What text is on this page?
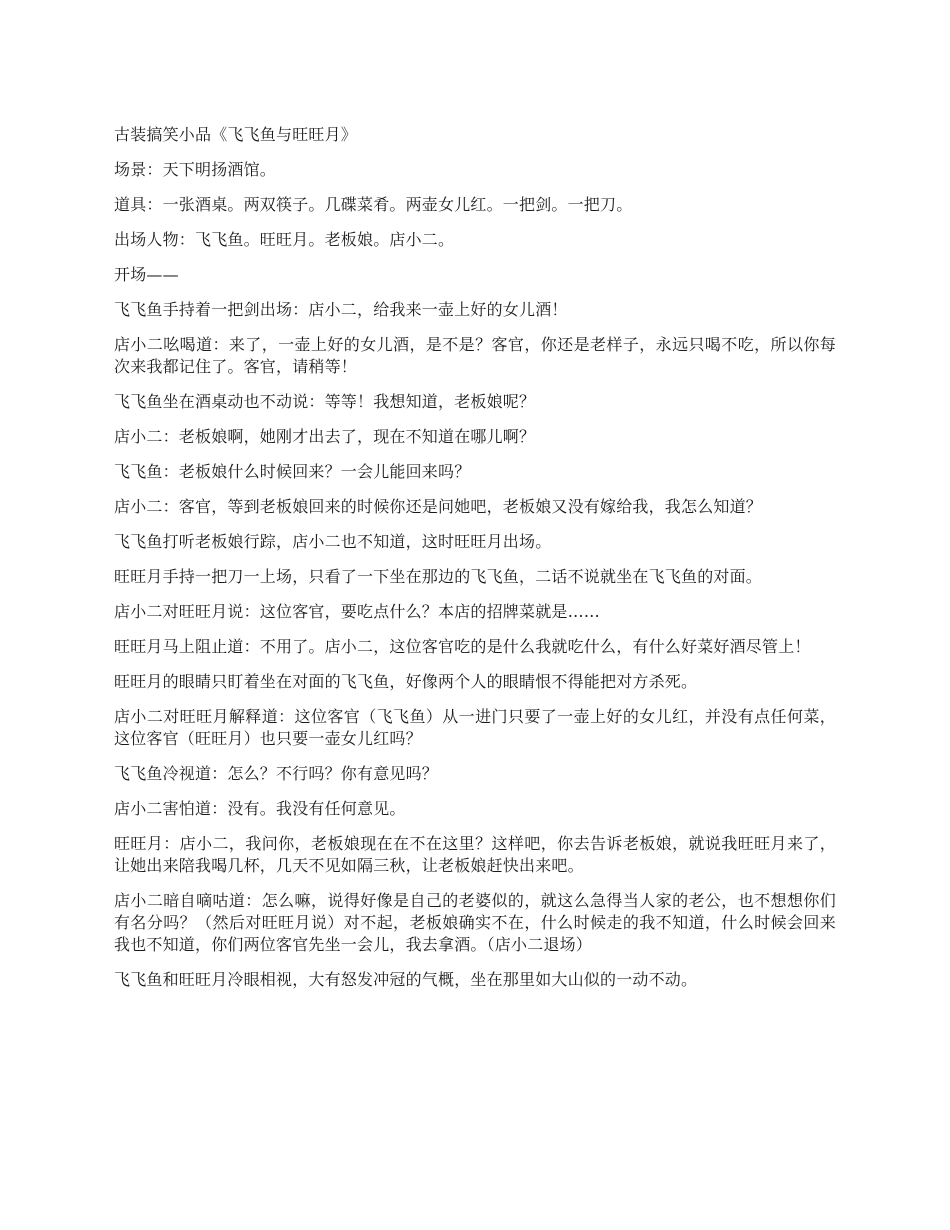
古装搞笑小品《飞飞鱼与旺旺月》

场景：天下明扬酒馆。

道具：一张酒桌。两双筷子。几碟菜肴。两壶女儿红。一把剑。一把刀。

出场人物：飞飞鱼。旺旺月。老板娘。店小二。

开场——

飞飞鱼手持着一把剑出场：店小二，给我来一壶上好的女儿酒！

店小二吆喝道：来了，一壶上好的女儿酒，是不是？客官，你还是老样子，永远只喝不吃，所以你每次来我都记住了。客官，请稍等！

飞飞鱼坐在酒桌动也不动说：等等！我想知道，老板娘呢？

店小二：老板娘啊，她刚才出去了，现在不知道在哪儿啊？

飞飞鱼：老板娘什么时候回来？一会儿能回来吗？

店小二：客官，等到老板娘回来的时候你还是问她吧，老板娘又没有嫁给我，我怎么知道？

飞飞鱼打听老板娘行踪，店小二也不知道，这时旺旺月出场。

旺旺月手持一把刀一上场，只看了一下坐在那边的飞飞鱼，二话不说就坐在飞飞鱼的对面。

店小二对旺旺月说：这位客官，要吃点什么？本店的招牌菜就是……

旺旺月马上阻止道：不用了。店小二，这位客官吃的是什么我就吃什么，有什么好菜好酒尽管上！

旺旺月的眼睛只盯着坐在对面的飞飞鱼，好像两个人的眼睛恨不得能把对方杀死。

店小二对旺旺月解释道：这位客官（飞飞鱼）从一进门只要了一壶上好的女儿红，并没有点任何菜，这位客官（旺旺月）也只要一壶女儿红吗？

飞飞鱼冷视道：怎么？不行吗？你有意见吗？

店小二害怕道：没有。我没有任何意见。

旺旺月：店小二，我问你，老板娘现在在不在这里？这样吧，你去告诉老板娘，就说我旺旺月来了，让她出来陪我喝几杯，几天不见如隔三秋，让老板娘赶快出来吧。

店小二暗自嘀咕道：怎么嘛，说得好像是自己的老婆似的，就这么急得当人家的老公，也不想想你们有名分吗？（然后对旺旺月说）对不起，老板娘确实不在，什么时候走的我不知道，什么时候会回来我也不知道，你们两位客官先坐一会儿，我去拿酒。（店小二退场）

飞飞鱼和旺旺月冷眼相视，大有怒发冲冠的气概，坐在那里如大山似的一动不动。
